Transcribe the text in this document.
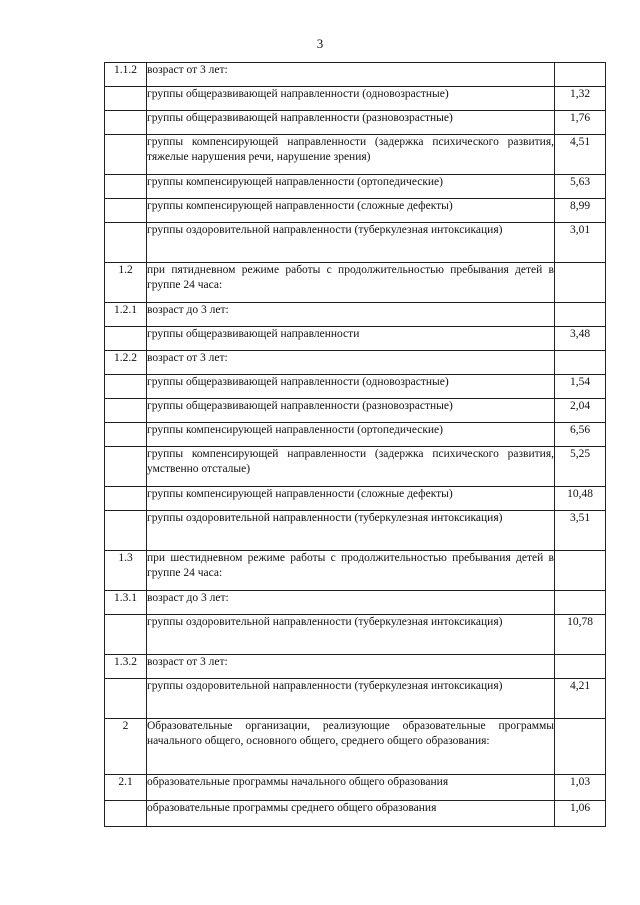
3
1.1.2	возраст от 3 лет:	
	группы общеразвивающей направленности (одновозрастные)	1,32
	группы общеразвивающей направленности (разновозрастные)	1,76
	группы компенсирующей направленности (задержка психического развития, тяжелые нарушения речи, нарушение зрения)	4,51
	группы компенсирующей направленности (ортопедические)	5,63
	группы компенсирующей направленности (сложные дефекты)	8,99
	группы оздоровительной направленности (туберкулезная интоксикация)	3,01
1.2	при пятидневном режиме работы с продолжительностью пребывания детей в группе 24 часа:	
1.2.1	возраст до 3 лет:	
	группы общеразвивающей направленности	3,48
1.2.2	возраст от 3 лет:	
	группы общеразвивающей направленности (одновозрастные)	1,54
	группы общеразвивающей направленности (разновозрастные)	2,04
	группы компенсирующей направленности (ортопедические)	6,56
	группы компенсирующей направленности (задержка психического развития, умственно отсталые)	5,25
	группы компенсирующей направленности (сложные дефекты)	10,48
	группы оздоровительной направленности (туберкулезная интоксикация)	3,51
1.3	при шестидневном режиме работы с продолжительностью пребывания детей в группе 24 часа:	
1.3.1	возраст до 3 лет:	
	группы оздоровительной направленности (туберкулезная интоксикация)	10,78
1.3.2	возраст от 3 лет:	
	группы оздоровительной направленности (туберкулезная интоксикация)	4,21
2	Образовательные организации, реализующие образовательные программы начального общего, основного общего, среднего общего образования:	
2.1	образовательные программы начального общего образования	1,03
	образовательные программы среднего общего образования	1,06
